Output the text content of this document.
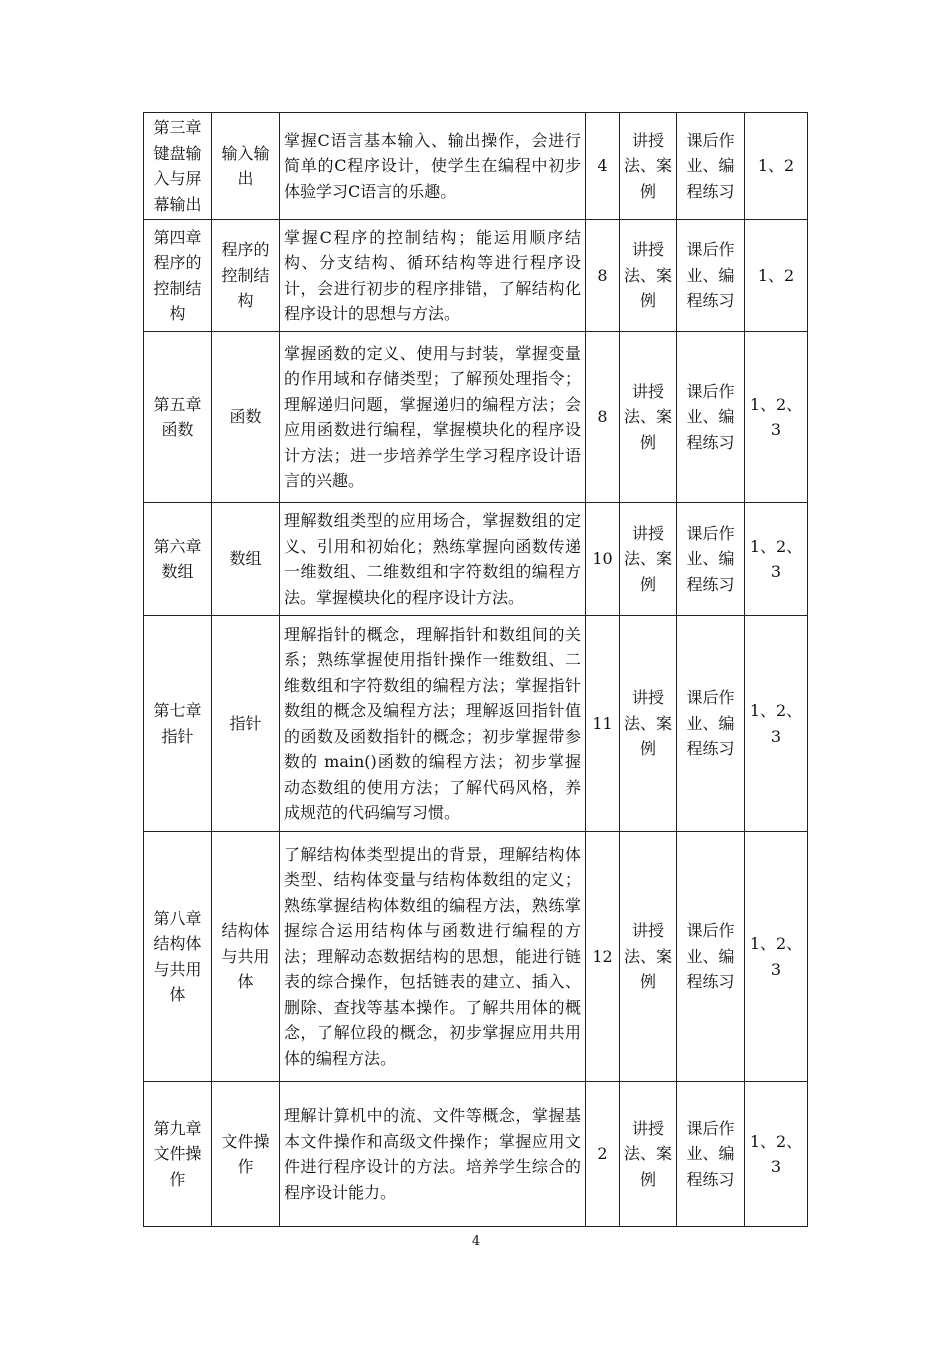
第三章键盘输入与屏幕输出	输入输出	掌握C语言基本输入、输出操作，会进行简单的C程序设计，使学生在编程中初步体验学习C语言的乐趣。	4	讲授法、案例	课后作业、编程练习	1、2
第四章程序的控制结构	程序的控制结构	掌握C程序的控制结构；能运用顺序结构、分支结构、循环结构等进行程序设计，会进行初步的程序排错，了解结构化程序设计的思想与方法。	8	讲授法、案例	课后作业、编程练习	1、2
第五章函数	函数	掌握函数的定义、使用与封装，掌握变量的作用域和存储类型；了解预处理指令；理解递归问题，掌握递归的编程方法；会应用函数进行编程，掌握模块化的程序设计方法；进一步培养学生学习程序设计语言的兴趣。	8	讲授法、案例	课后作业、编程练习	1、2、3
第六章数组	数组	理解数组类型的应用场合，掌握数组的定义、引用和初始化；熟练掌握向函数传递一维数组、二维数组和字符数组的编程方法。掌握模块化的程序设计方法。	10	讲授法、案例	课后作业、编程练习	1、2、3
第七章指针	指针	理解指针的概念，理解指针和数组间的关系；熟练掌握使用指针操作一维数组、二维数组和字符数组的编程方法；掌握指针数组的概念及编程方法；理解返回指针值的函数及函数指针的概念；初步掌握带参数的 main()函数的编程方法；初步掌握动态数组的使用方法；了解代码风格，养成规范的代码编写习惯。	11	讲授法、案例	课后作业、编程练习	1、2、3
第八章结构体与共用体	结构体与共用体	了解结构体类型提出的背景，理解结构体类型、结构体变量与结构体数组的定义；熟练掌握结构体数组的编程方法，熟练掌握综合运用结构体与函数进行编程的方法；理解动态数据结构的思想，能进行链表的综合操作，包括链表的建立、插入、删除、查找等基本操作。了解共用体的概念，了解位段的概念，初步掌握应用共用体的编程方法。	12	讲授法、案例	课后作业、编程练习	1、2、3
第九章文件操作	文件操作	理解计算机中的流、文件等概念，掌握基本文件操作和高级文件操作；掌握应用文件进行程序设计的方法。培养学生综合的程序设计能力。	2	讲授法、案例	课后作业、编程练习	1、2、3
4
